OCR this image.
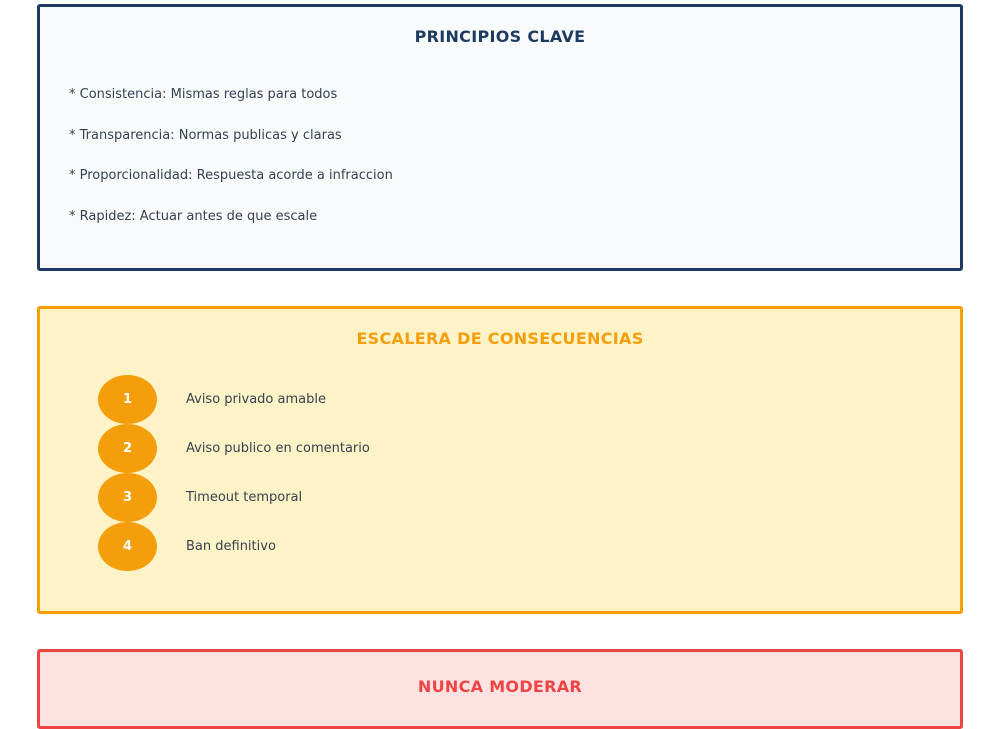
PRINCIPIOS CLAVE
* Consistencia: Mismas reglas para todos
* Transparencia: Normas publicas y claras
* Proporcionalidad: Respuesta acorde a infraccion
* Rapidez: Actuar antes de que escale
ESCALERA DE CONSECUENCIAS
1	Aviso privado amable
2	Aviso publico en comentario
3	Timeout temporal
4	Ban definitivo
NUNCA MODERAR
